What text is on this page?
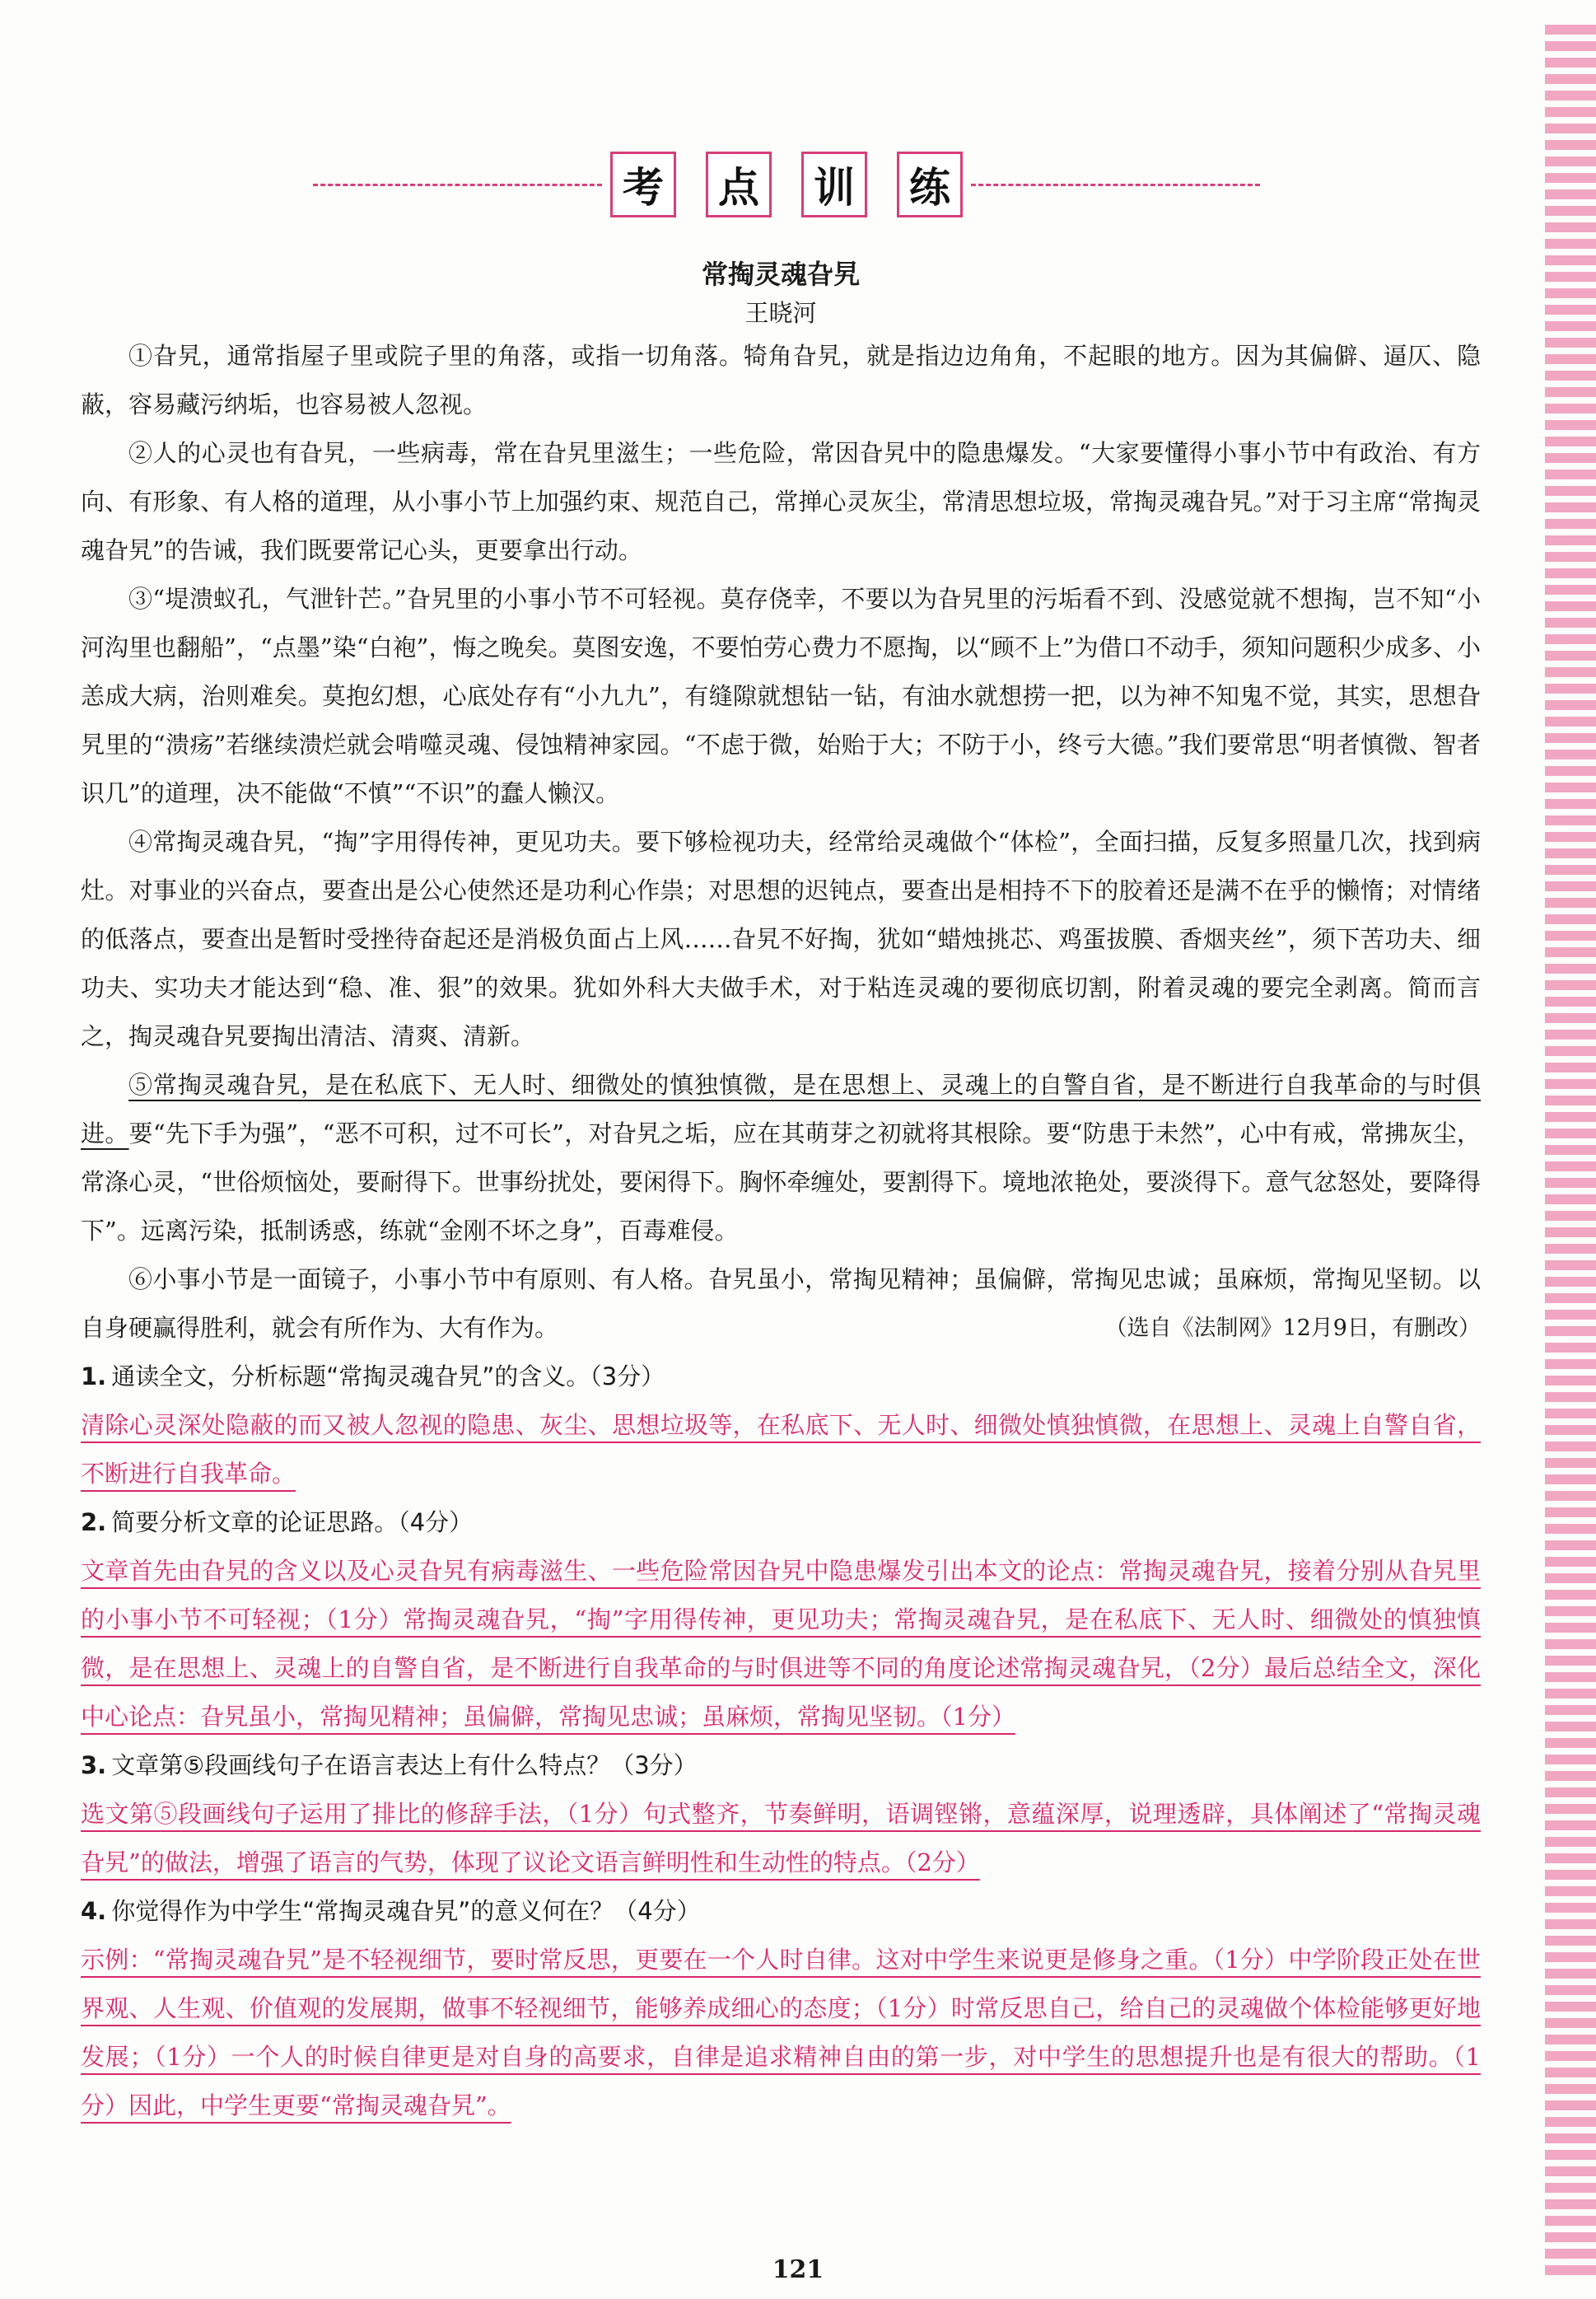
考	点	训	练
常掏灵魂旮旯
王晓河

①旮旯，通常指屋子里或院子里的角落，或指一切角落。犄角旮旯，就是指边边角角，不起眼的地方。因为其偏僻、逼仄、隐蔽，容易藏污纳垢，也容易被人忽视。

②人的心灵也有旮旯，一些病毒，常在旮旯里滋生；一些危险，常因旮旯中的隐患爆发。“大家要懂得小事小节中有政治、有方向、有形象、有人格的道理，从小事小节上加强约束、规范自己，常掸心灵灰尘，常清思想垃圾，常掏灵魂旮旯。”对于习主席“常掏灵魂旮旯”的告诫，我们既要常记心头，更要拿出行动。

③“堤溃蚁孔，气泄针芒。”旮旯里的小事小节不可轻视。莫存侥幸，不要以为旮旯里的污垢看不到、没感觉就不想掏，岂不知“小河沟里也翻船”，“点墨”染“白袍”，悔之晚矣。莫图安逸，不要怕劳心费力不愿掏，以“顾不上”为借口不动手，须知问题积少成多、小恙成大病，治则难矣。莫抱幻想，心底处存有“小九九”，有缝隙就想钻一钻，有油水就想捞一把，以为神不知鬼不觉，其实，思想旮旯里的“溃疡”若继续溃烂就会啃噬灵魂、侵蚀精神家园。“不虑于微，始贻于大；不防于小，终亏大德。”我们要常思“明者慎微、智者识几”的道理，决不能做“不慎”“不识”的蠢人懒汉。

④常掏灵魂旮旯，“掏”字用得传神，更见功夫。要下够检视功夫，经常给灵魂做个“体检”，全面扫描，反复多照量几次，找到病灶。对事业的兴奋点，要查出是公心使然还是功利心作祟；对思想的迟钝点，要查出是相持不下的胶着还是满不在乎的懒惰；对情绪的低落点，要查出是暂时受挫待奋起还是消极负面占上风……旮旯不好掏，犹如“蜡烛挑芯、鸡蛋拔膜、香烟夹丝”，须下苦功夫、细功夫、实功夫才能达到“稳、准、狠”的效果。犹如外科大夫做手术，对于粘连灵魂的要彻底切割，附着灵魂的要完全剥离。简而言之，掏灵魂旮旯要掏出清洁、清爽、清新。

⑤常掏灵魂旮旯，是在私底下、无人时、细微处的慎独慎微，是在思想上、灵魂上的自警自省，是不断进行自我革命的与时俱进。要“先下手为强”，“恶不可积，过不可长”，对旮旯之垢，应在其萌芽之初就将其根除。要“防患于未然”，心中有戒，常拂灰尘，常涤心灵，“世俗烦恼处，要耐得下。世事纷扰处，要闲得下。胸怀牵缠处，要割得下。境地浓艳处，要淡得下。意气忿怒处，要降得下”。远离污染，抵制诱惑，练就“金刚不坏之身”，百毒难侵。

⑥小事小节是一面镜子，小事小节中有原则、有人格。旮旯虽小，常掏见精神；虽偏僻，常掏见忠诚；虽麻烦，常掏见坚韧。以自身硬赢得胜利，就会有所作为、大有作为。	（选自《法制网》12月9日，有删改）

1. 通读全文，分析标题“常掏灵魂旮旯”的含义。（3分）

清除心灵深处隐蔽的而又被人忽视的隐患、灰尘、思想垃圾等，在私底下、无人时、细微处慎独慎微，在思想上、灵魂上自警自省，不断进行自我革命。

2. 简要分析文章的论证思路。（4分）

文章首先由旮旯的含义以及心灵旮旯有病毒滋生、一些危险常因旮旯中隐患爆发引出本文的论点：常掏灵魂旮旯，接着分别从旮旯里的小事小节不可轻视；（1分）常掏灵魂旮旯，“掏”字用得传神，更见功夫；常掏灵魂旮旯，是在私底下、无人时、细微处的慎独慎微，是在思想上、灵魂上的自警自省，是不断进行自我革命的与时俱进等不同的角度论述常掏灵魂旮旯，（2分）最后总结全文，深化中心论点：旮旯虽小，常掏见精神；虽偏僻，常掏见忠诚；虽麻烦，常掏见坚韧。（1分）

3. 文章第⑤段画线句子在语言表达上有什么特点？（3分）

选文第⑤段画线句子运用了排比的修辞手法，（1分）句式整齐，节奏鲜明，语调铿锵，意蕴深厚，说理透辟，具体阐述了“常掏灵魂旮旯”的做法，增强了语言的气势，体现了议论文语言鲜明性和生动性的特点。（2分）

4. 你觉得作为中学生“常掏灵魂旮旯”的意义何在？（4分）

示例：“常掏灵魂旮旯”是不轻视细节，要时常反思，更要在一个人时自律。这对中学生来说更是修身之重。（1分）中学阶段正处在世界观、人生观、价值观的发展期，做事不轻视细节，能够养成细心的态度；（1分）时常反思自己，给自己的灵魂做个体检能够更好地发展；（1分）一个人的时候自律更是对自身的高要求，自律是追求精神自由的第一步，对中学生的思想提升也是有很大的帮助。（1分）因此，中学生更要“常掏灵魂旮旯”。

121
